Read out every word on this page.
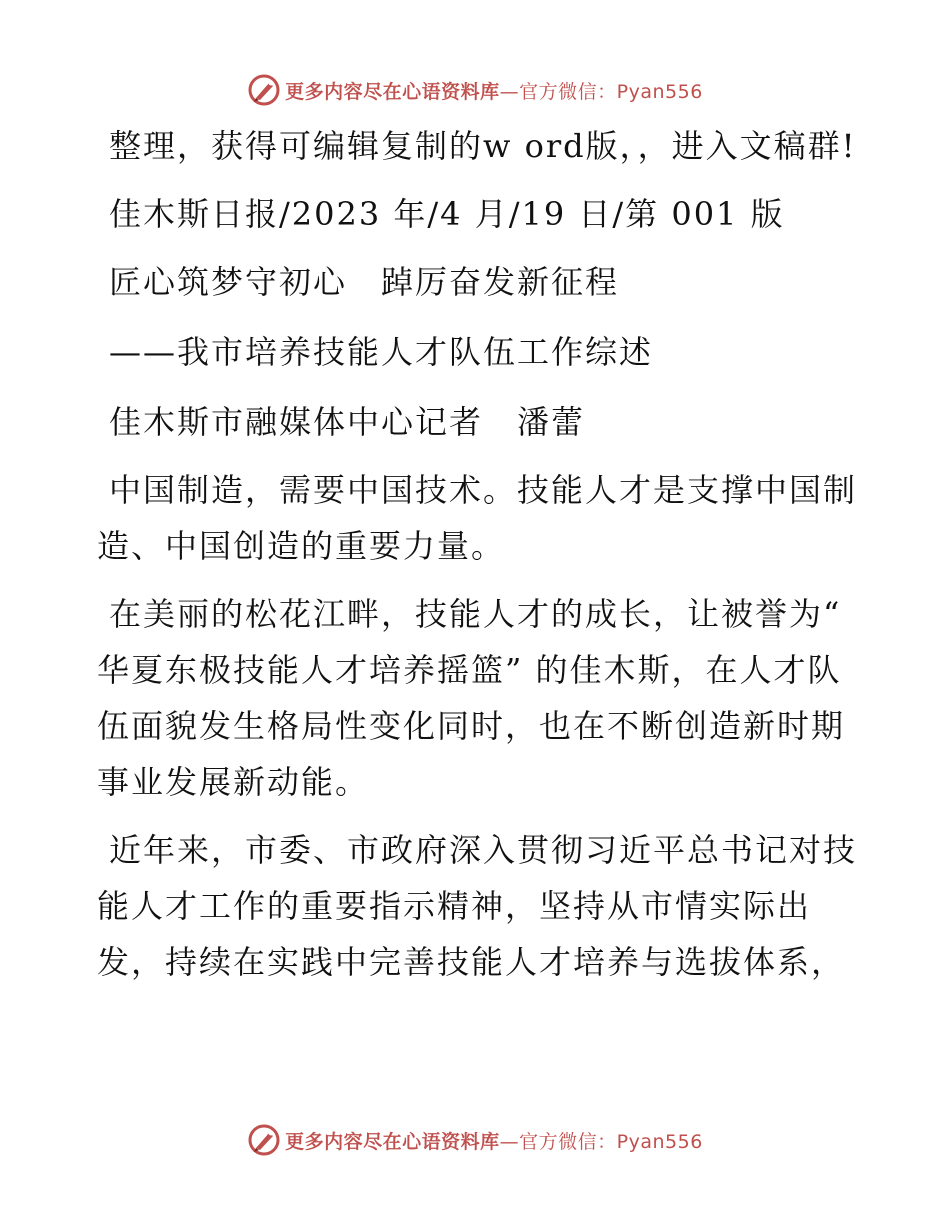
更多内容尽在心语资料库—官方微信：Pyan556

整理，获得可编辑复制的w ord版，，进入文稿群!

佳木斯日报/2023 年/4 月/19 日/第 001 版

匠心筑梦守初心　踔厉奋发新征程

——我市培养技能人才队伍工作综述

佳木斯市融媒体中心记者　潘蕾

中国制造，需要中国技术。技能人才是支撑中国制造、中国创造的重要力量。

在美丽的松花江畔，技能人才的成长，让被誉为“ 华夏东极技能人才培养摇篮” 的佳木斯，在人才队伍面貌发生格局性变化同时，也在不断创造新时期事业发展新动能。

近年来，市委、市政府深入贯彻习近平总书记对技能人才工作的重要指示精神，坚持从市情实际出发，持续在实践中完善技能人才培养与选拔体系，

更多内容尽在心语资料库—官方微信：Pyan556
